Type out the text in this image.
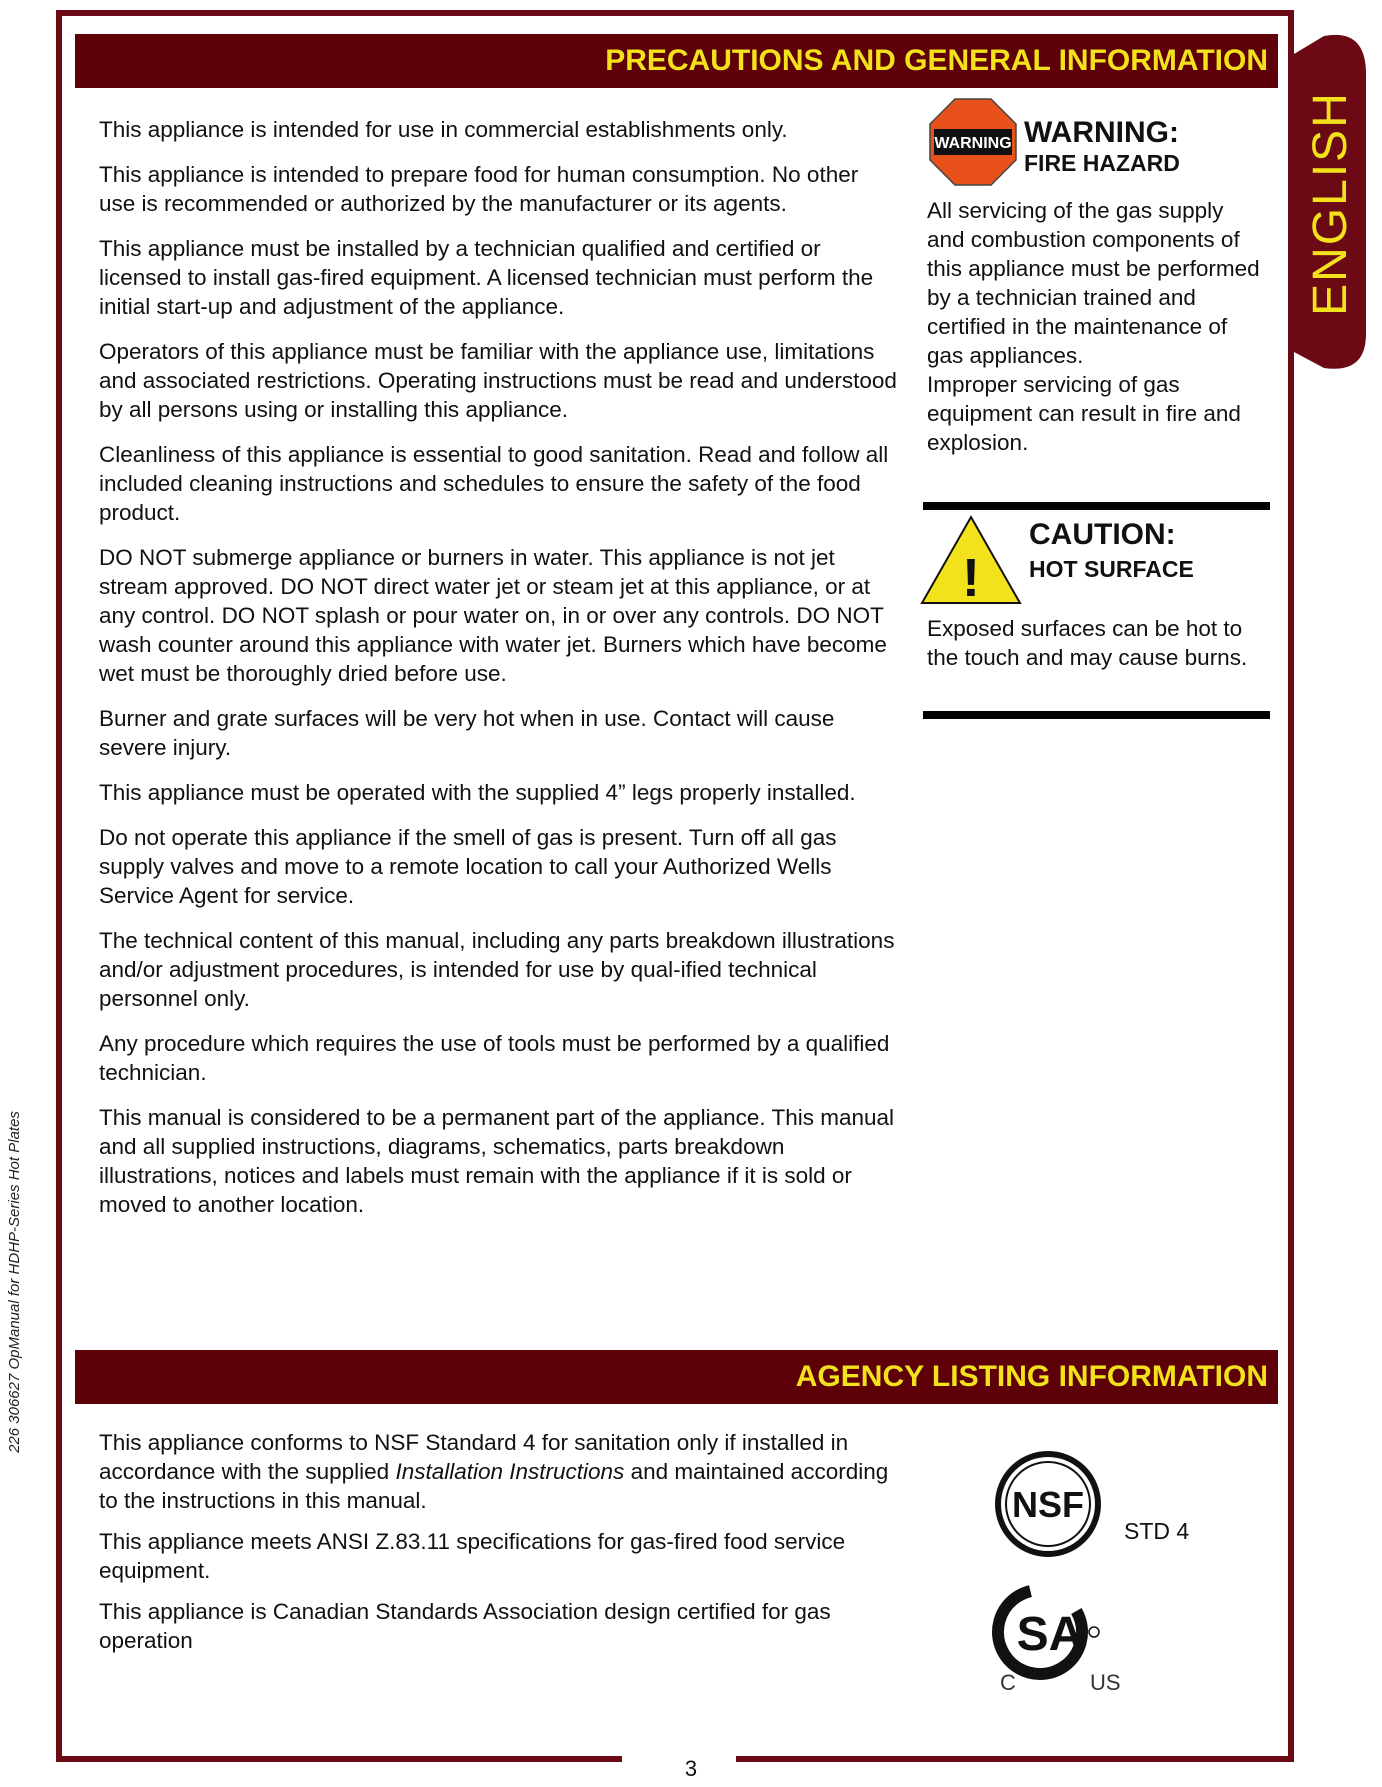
ENGLISH
226 306627 OpManual for HDHP-Series Hot Plates
PRECAUTIONS AND GENERAL INFORMATION

This appliance is intended for use in commercial establishments only.

This appliance is intended to prepare food for human consumption. No other use is recommended or authorized by the manufacturer or its agents.

This appliance must be installed by a technician qualified and certified or licensed to install gas-fired equipment. A licensed technician must perform the initial start-up and adjustment of the appliance.

Operators of this appliance must be familiar with the appliance use, limitations and associated restrictions. Operating instructions must be read and understood by all persons using or installing this appliance.

Cleanliness of this appliance is essential to good sanitation. Read and follow all included cleaning instructions and schedules to ensure the safety of the food product.

DO NOT submerge appliance or burners in water. This appliance is not jet stream approved. DO NOT direct water jet or steam jet at this appliance, or at any control. DO NOT splash or pour water on, in or over any controls. DO NOT wash counter around this appliance with water jet. Burners which have become wet must be thoroughly dried before use.

Burner and grate surfaces will be very hot when in use. Contact will cause severe injury.

This appliance must be operated with the supplied 4” legs properly installed.

Do not operate this appliance if the smell of gas is present. Turn off all gas supply valves and move to a remote location to call your Authorized Wells Service Agent for service.

The technical content of this manual, including any parts breakdown illustrations and/or adjustment procedures, is intended for use by qual-ified technical personnel only.

Any procedure which requires the use of tools must be performed by a qualified technician.

This manual is considered to be a permanent part of the appliance. This manual and all supplied instructions, diagrams, schematics, parts breakdown illustrations, notices and labels must remain with the appliance if it is sold or moved to another location.

WARNING WARNING:
FIRE HAZARD
All servicing of the gas supply and combustion components of this appliance must be performed by a technician trained and certified in the maintenance of gas appliances.
Improper servicing of gas equipment can result in fire and explosion.
!
CAUTION:
HOT SURFACE
Exposed surfaces can be hot to the touch and may cause burns.
AGENCY LISTING INFORMATION

This appliance conforms to NSF Standard 4 for sanitation only if installed in accordance with the supplied Installation Instructions and maintained according to the instructions in this manual.

This appliance meets ANSI Z.83.11 specifications for gas-fired food service equipment.

This appliance is Canadian Standards Association design certified for gas operation

NSF
STD 4
SA
C	US
3
